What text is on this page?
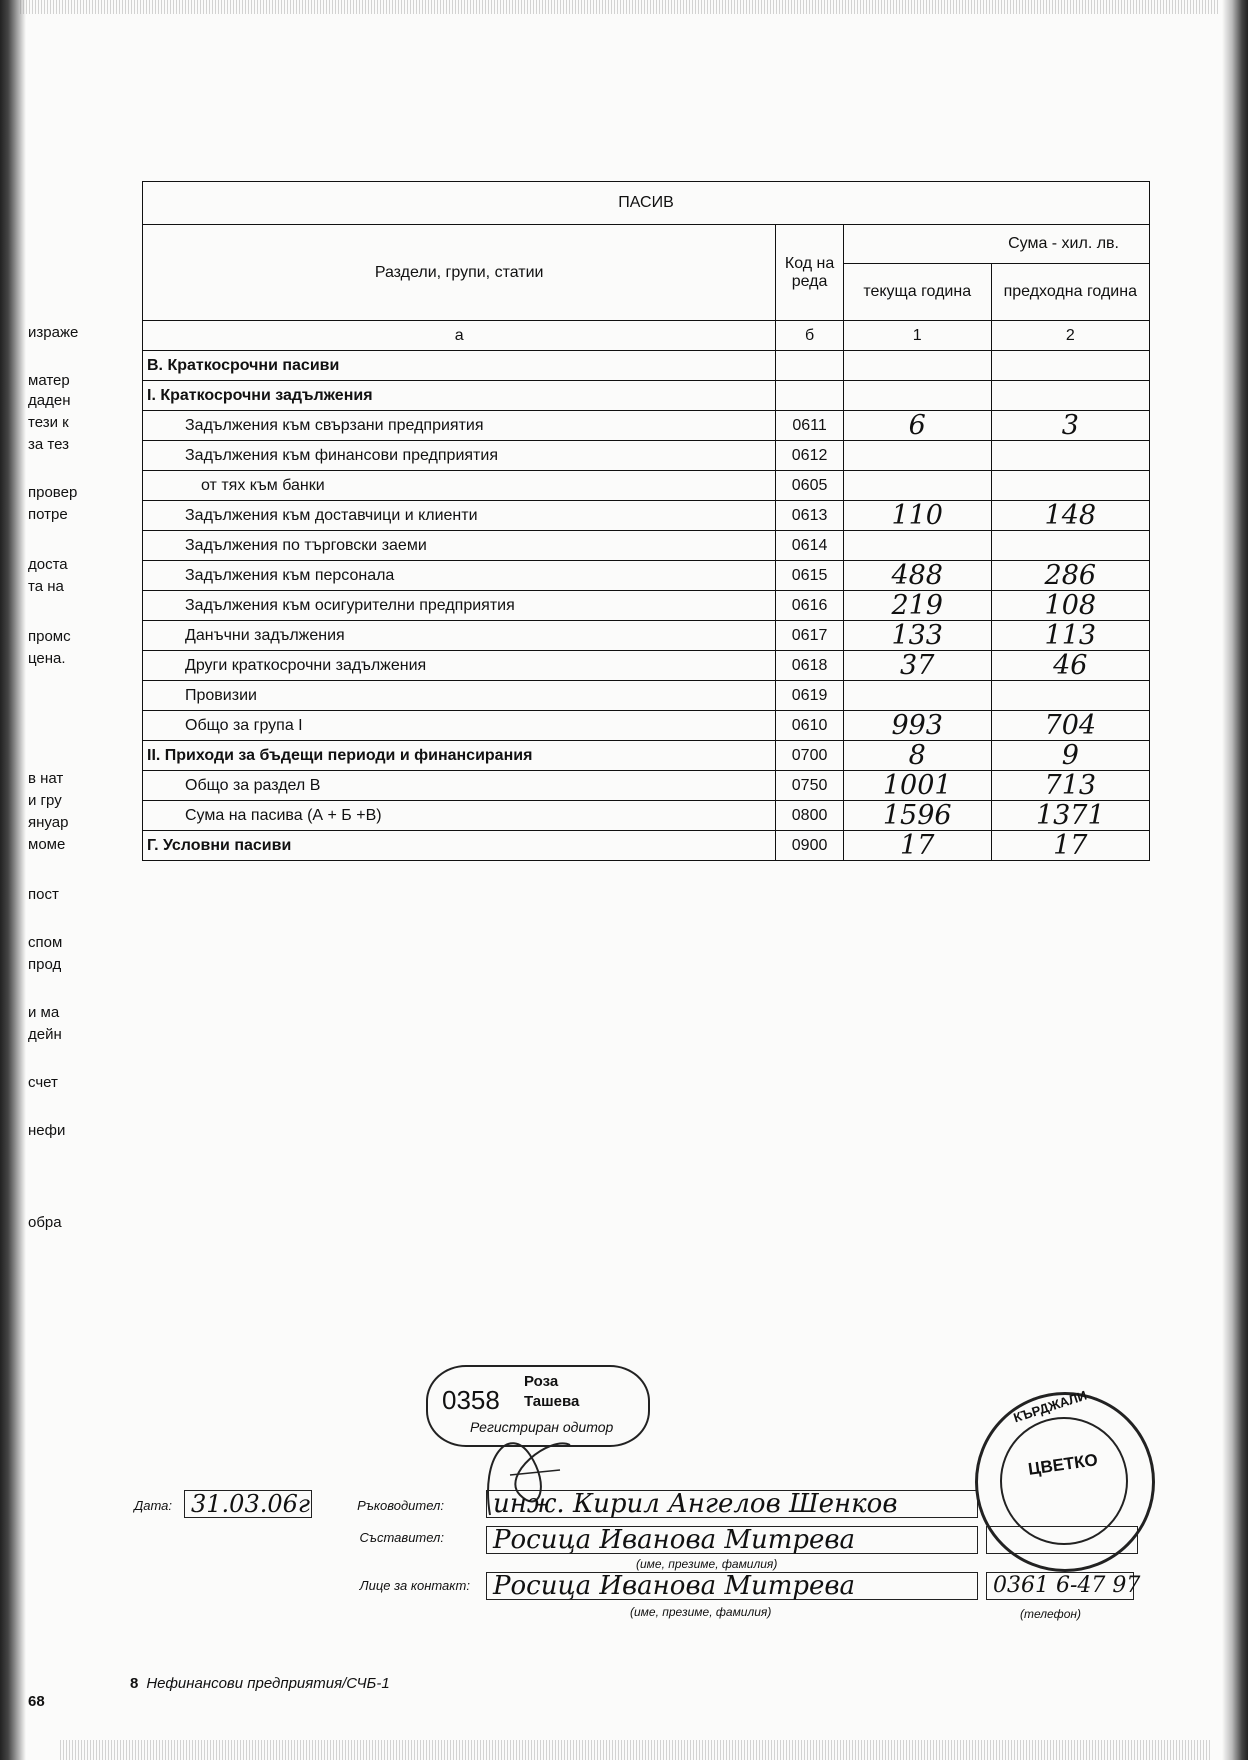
израже
матер
даден
тези к
за тез
провер
потре
доста
та на
промс
цена.
в нат
и гру
януар
моме
пост
спом
прод
и ма
дейн
счет
нефи
обра
68
ПАСИВ			
Раздели, групи, статии	Код на реда	Сума - хил. лв.	
		текуща година	предходна година
а	б	1	2
В. Краткосрочни пасиви			
I. Краткосрочни задължения			
Задължения към свързани предприятия	0611	6	3
Задължения към финансови предприятия	0612		
от тях към банки	0605		
Задължения към доставчици и клиенти	0613	110	148
Задължения по търговски заеми	0614		
Задължения към персонала	0615	488	286
Задължения към осигурителни предприятия	0616	219	108
Данъчни задължения	0617	133	113
Други краткосрочни задължения	0618	37	46
Провизии	0619		
Общо за група I	0610	993	704
II. Приходи за бъдещи периоди и финансирания	0700	8	9
Общо за раздел В	0750	1001	713
Сума на пасива (А + Б +В)	0800	1596	1371
Г. Условни пасиви	0900	17	17
0358
Роза
Ташева
Регистриран одитор
КЪРДЖАЛИ
ЦВЕТКО
Дата: 31.03.06г	Ръководител: инж. Кирил Ангелов Шенков
Съставител: Росица Иванова Митрева
(име, презиме, фамилия)
Лице за контакт: Росица Иванова Митрева
(име, презиме, фамилия)
0361 6-47 97
(телефон)
8 Нефинансови предприятия/СЧБ-1
